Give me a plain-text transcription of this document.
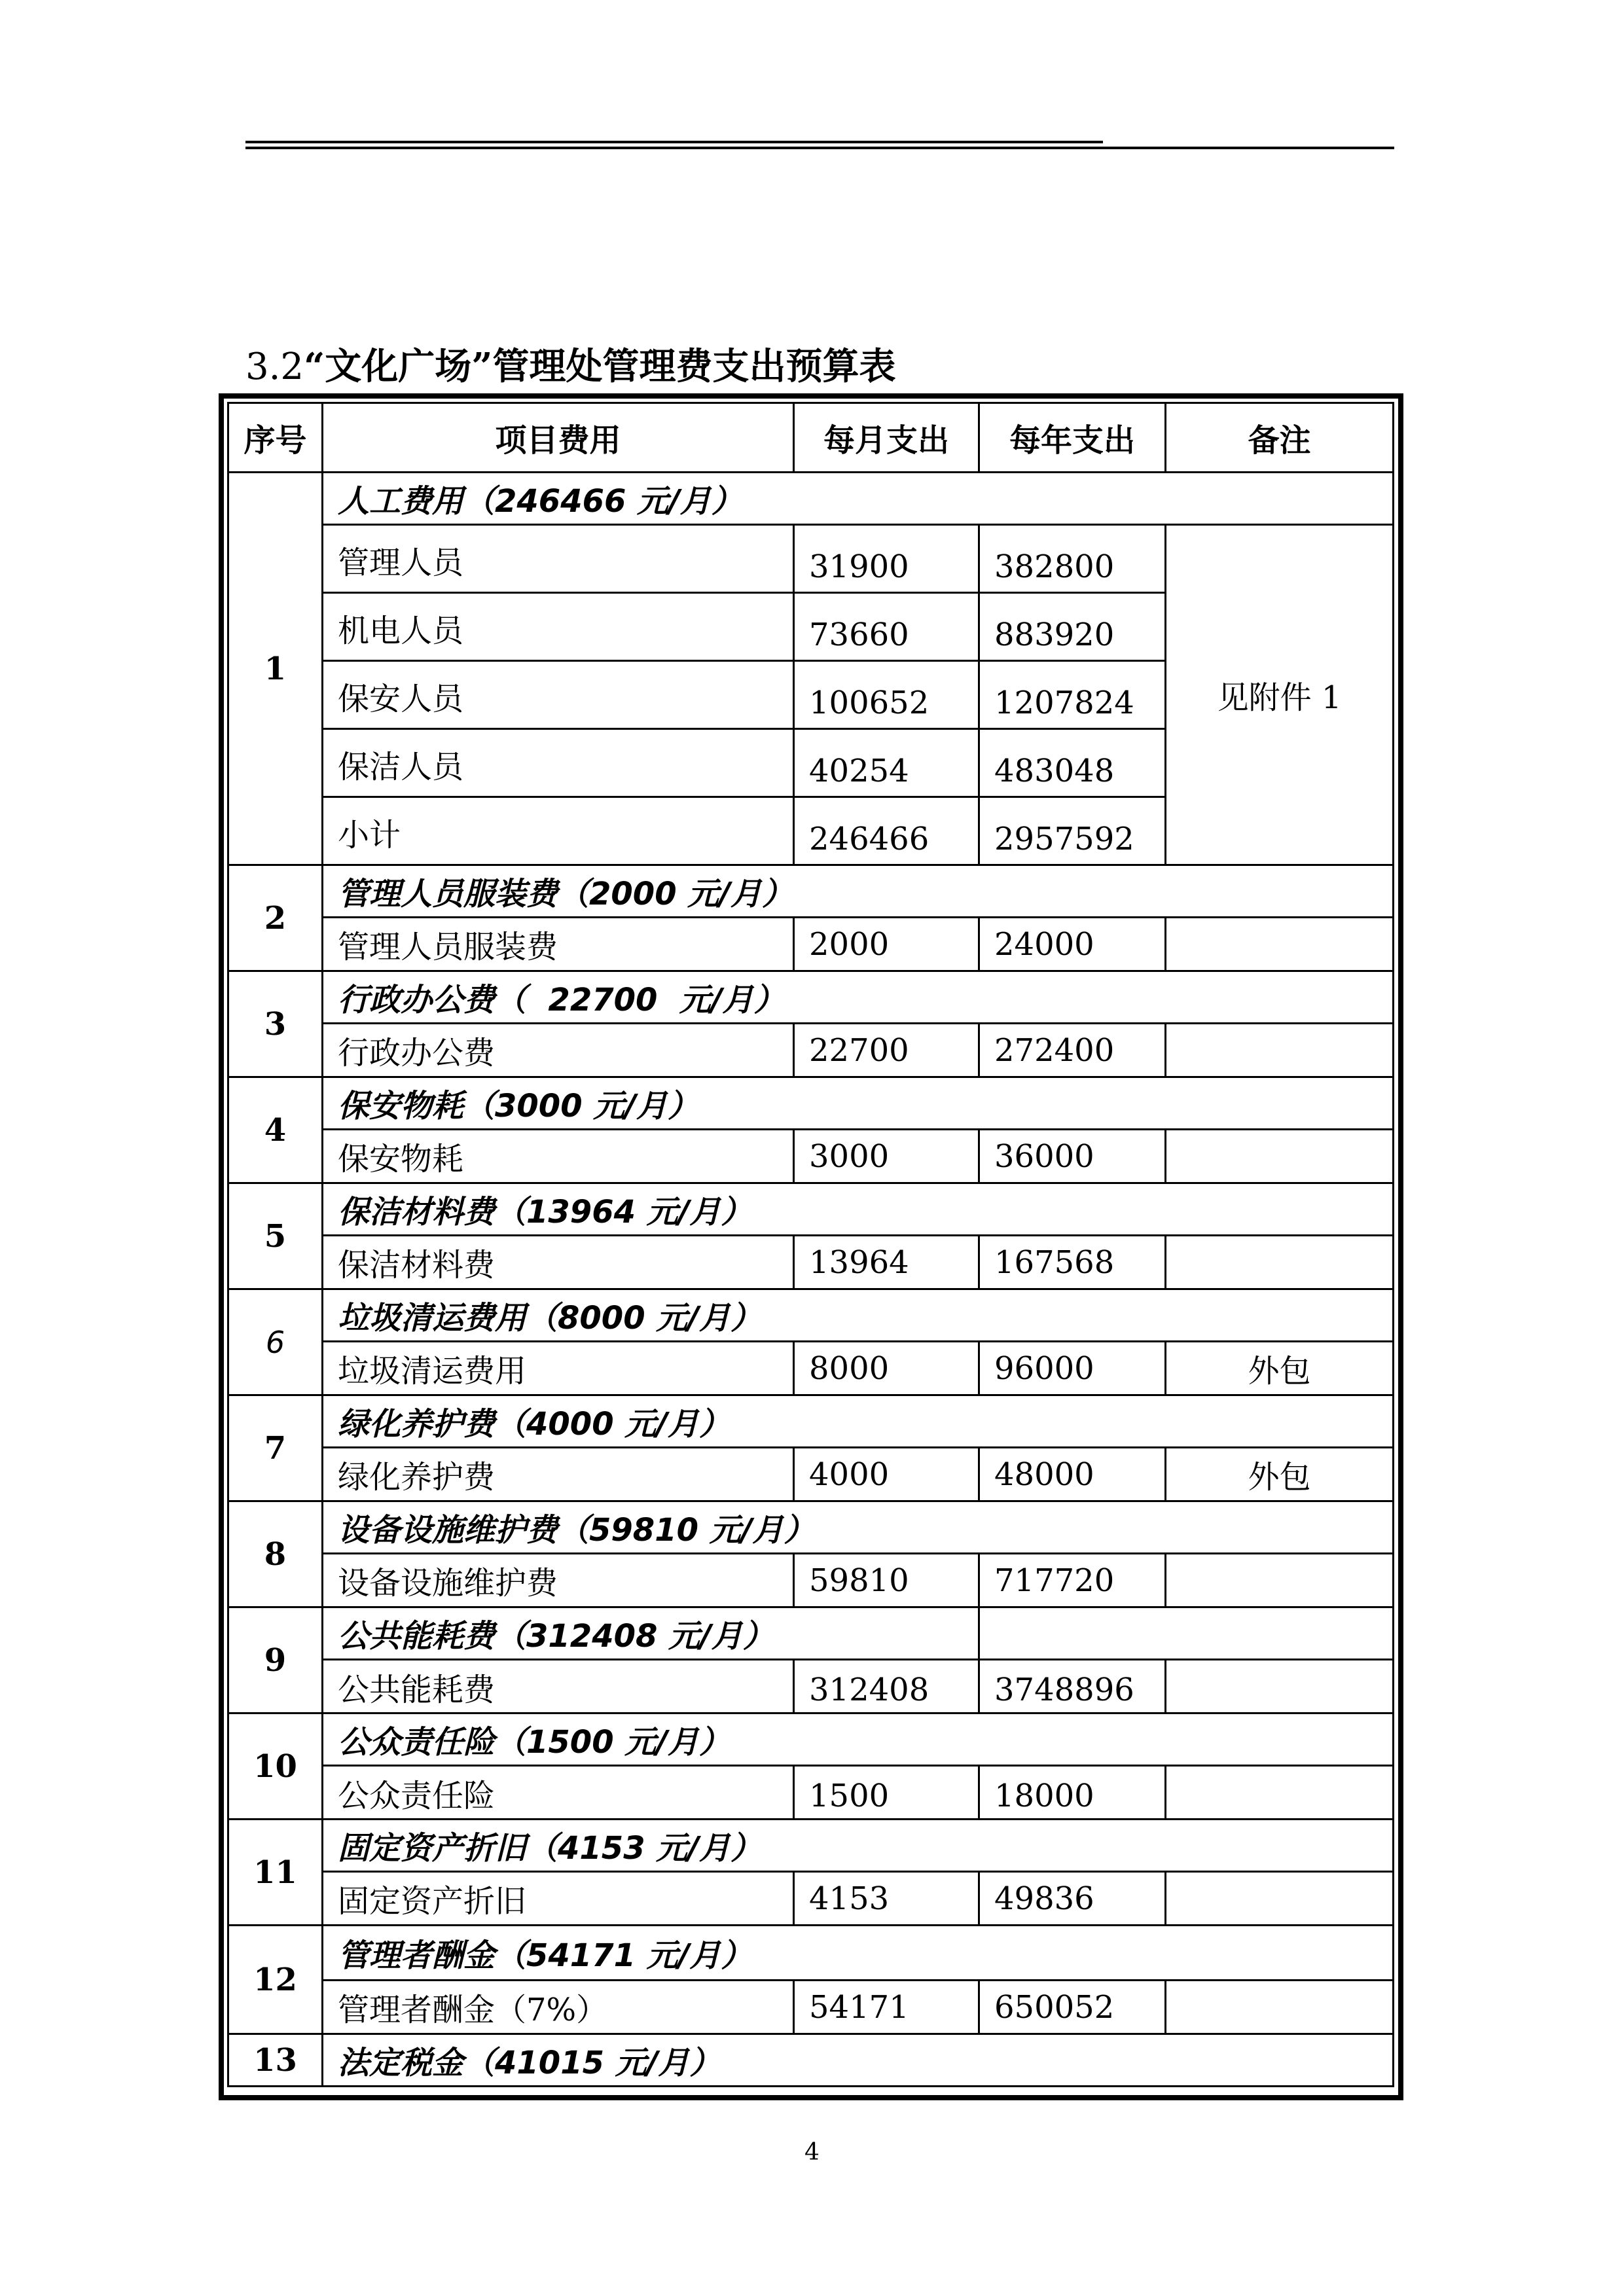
3.2“文化广场”管理处管理费支出预算表
序号	项目费用	每月支出	每年支出	备注
1	人工费用（246466 元/月）			
	管理人员	31900	382800	见附件 1
	机电人员	73660	883920	
	保安人员	100652	1207824	
	保洁人员	40254	483048	
	小计	246466	2957592	
2	管理人员服装费（2000 元/月）			
	管理人员服装费	2000	24000	
3	行政办公费（  22700  元/月）			
	行政办公费	22700	272400	
4	保安物耗（3000 元/月）			
	保安物耗	3000	36000	
5	保洁材料费（13964 元/月）			
	保洁材料费	13964	167568	
6	垃圾清运费用（8000 元/月）			
	垃圾清运费用	8000	96000	外包
7	绿化养护费（4000 元/月）			
	绿化养护费	4000	48000	外包
8	设备设施维护费（59810 元/月）			
	设备设施维护费	59810	717720	
9	公共能耗费（312408 元/月）			
	公共能耗费	312408	3748896	
10	公众责任险（1500 元/月）			
	公众责任险	1500	18000	
11	固定资产折旧（4153 元/月）			
	固定资产折旧	4153	49836	
12	管理者酬金（54171 元/月）			
	管理者酬金（7%）	54171	650052	
13	法定税金（41015 元/月）			
4
